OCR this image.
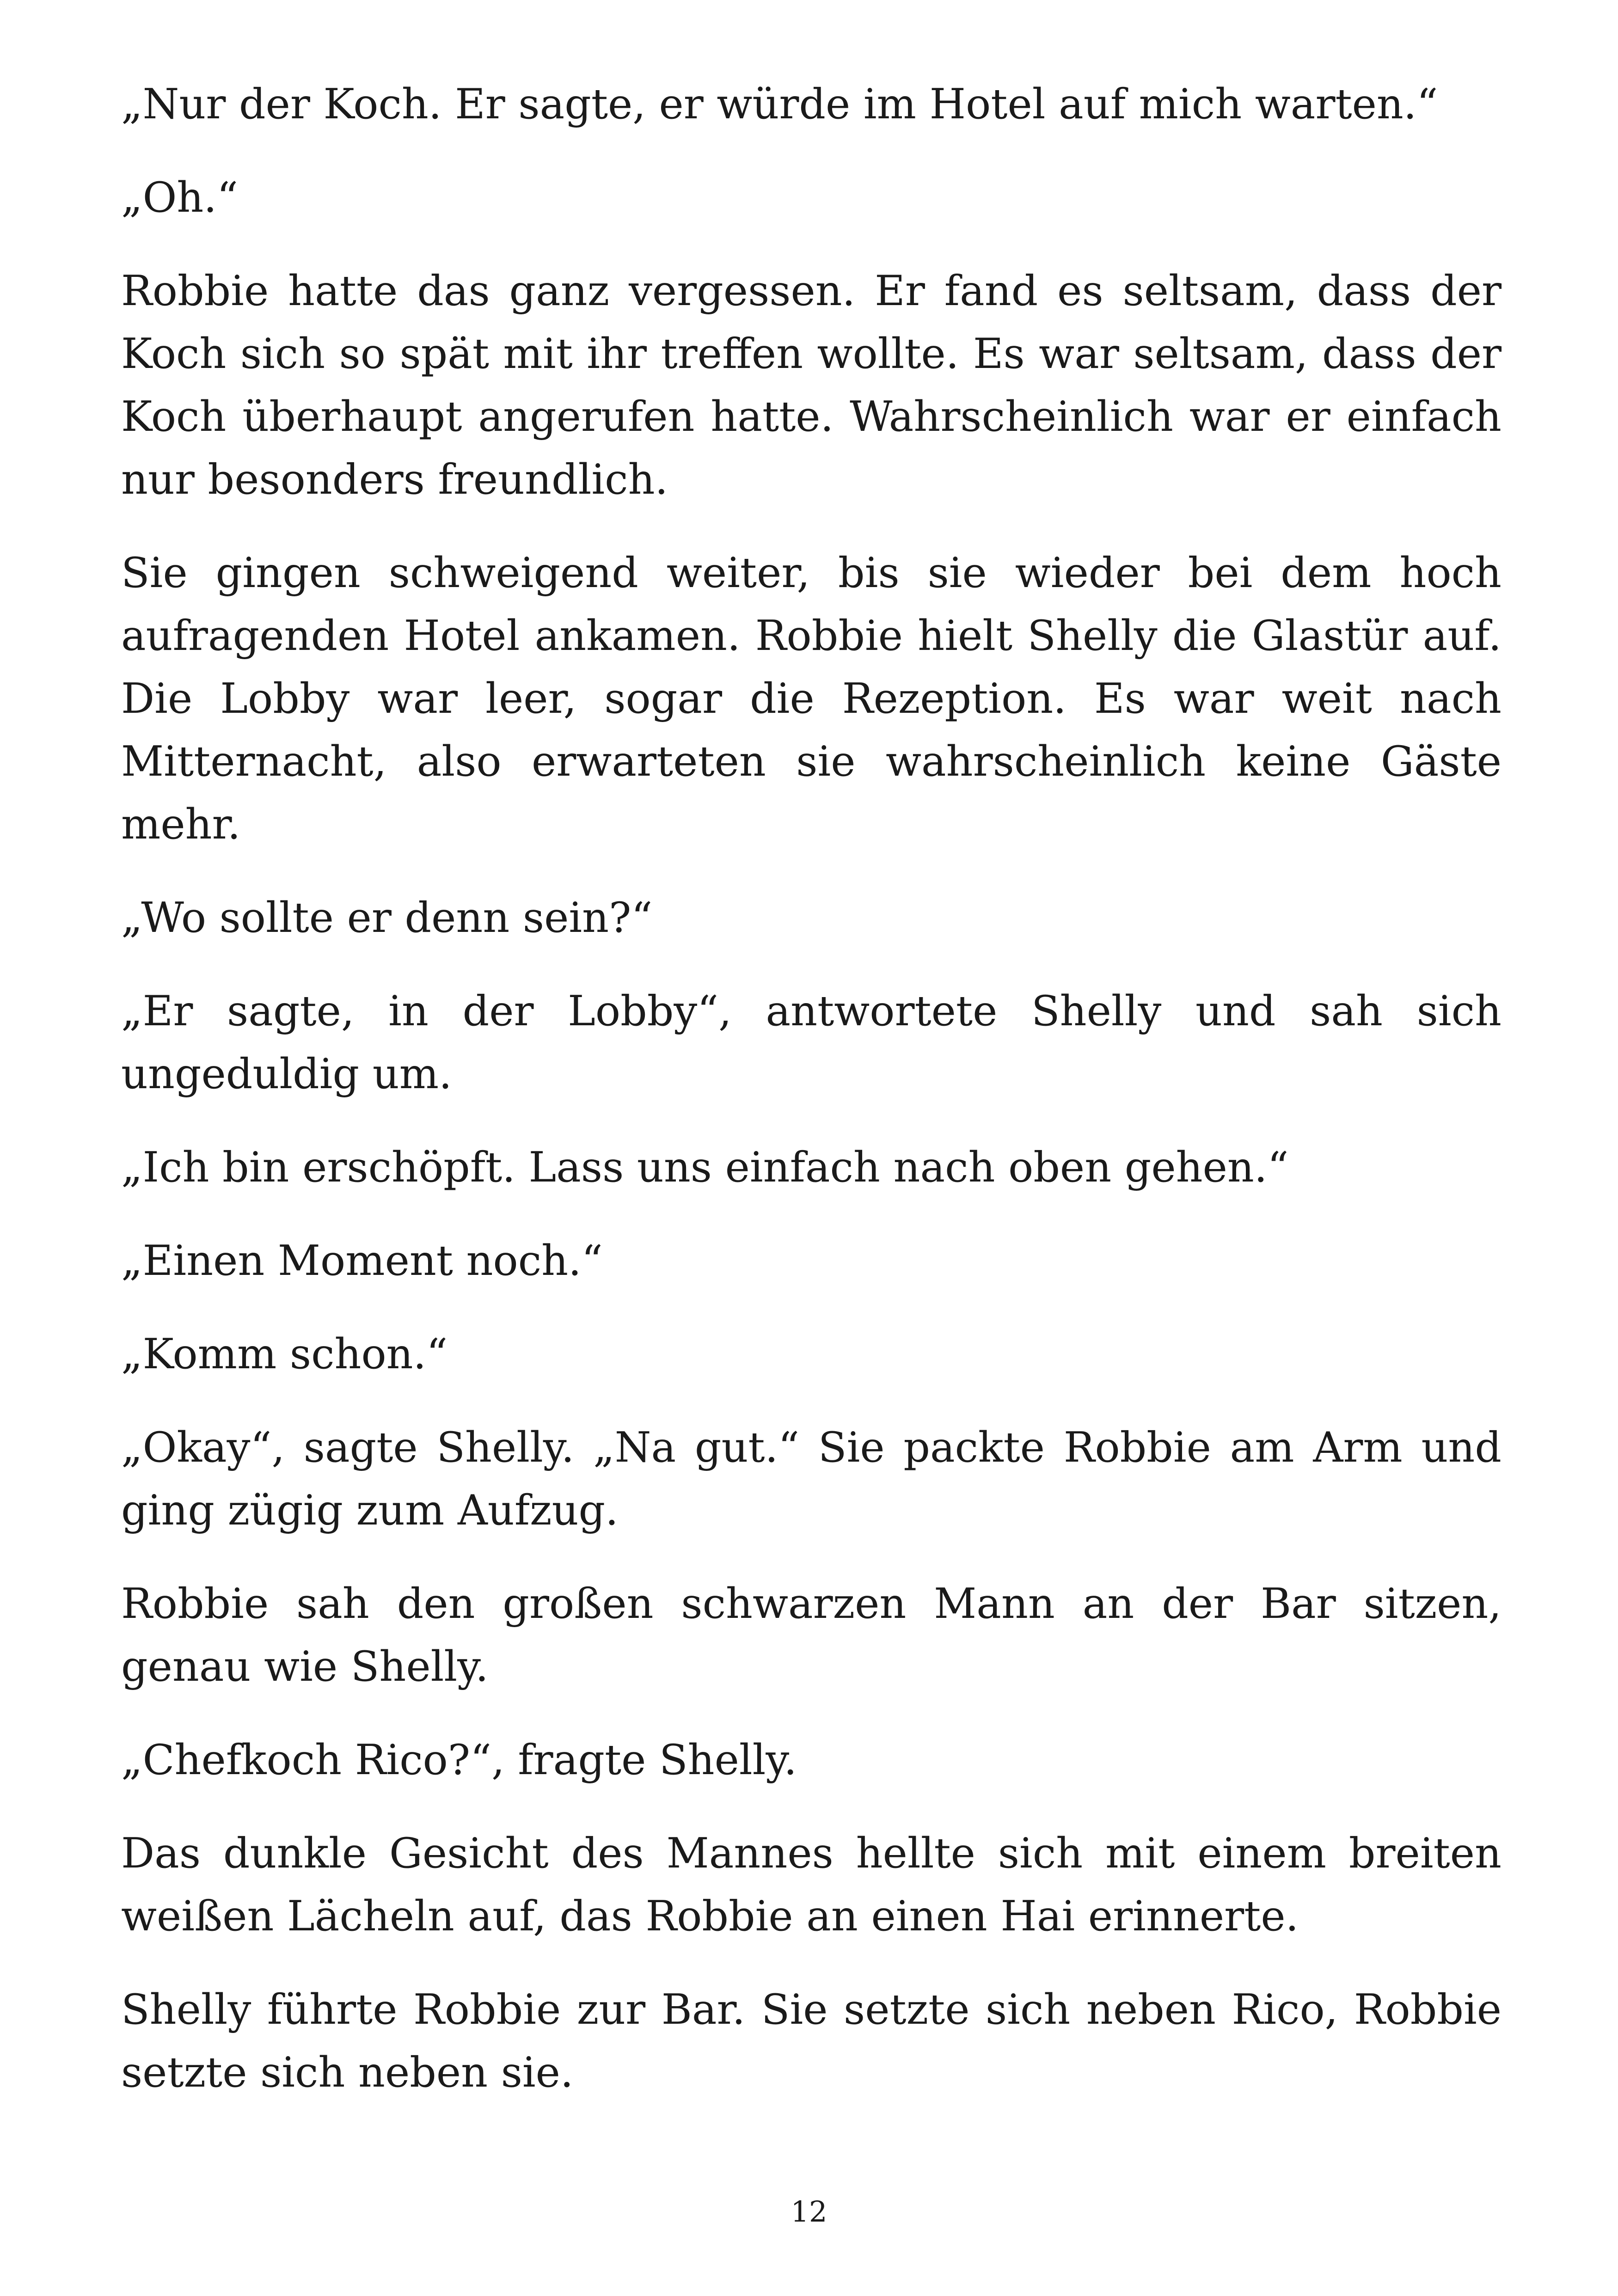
„Nur der Koch. Er sagte, er würde im Hotel auf mich warten.“

„Oh.“

Robbie hatte das ganz vergessen. Er fand es seltsam, dass der Koch sich so spät mit ihr treffen wollte. Es war seltsam, dass der Koch überhaupt angerufen hatte. Wahrscheinlich war er einfach nur besonders freundlich.

Sie gingen schweigend weiter, bis sie wieder bei dem hoch aufragenden Hotel ankamen. Robbie hielt Shelly die Glastür auf. Die Lobby war leer, sogar die Rezeption. Es war weit nach Mitternacht, also erwarteten sie wahrscheinlich keine Gäste mehr.

„Wo sollte er denn sein?“

„Er sagte, in der Lobby“, antwortete Shelly und sah sich ungeduldig um.

„Ich bin erschöpft. Lass uns einfach nach oben gehen.“

„Einen Moment noch.“

„Komm schon.“

„Okay“, sagte Shelly. „Na gut.“ Sie packte Robbie am Arm und ging zügig zum Aufzug.

Robbie sah den großen schwarzen Mann an der Bar sitzen, genau wie Shelly.

„Chefkoch Rico?“, fragte Shelly.

Das dunkle Gesicht des Mannes hellte sich mit einem breiten weißen Lächeln auf, das Robbie an einen Hai erinnerte.

Shelly führte Robbie zur Bar. Sie setzte sich neben Rico, Robbie setzte sich neben sie.

12
